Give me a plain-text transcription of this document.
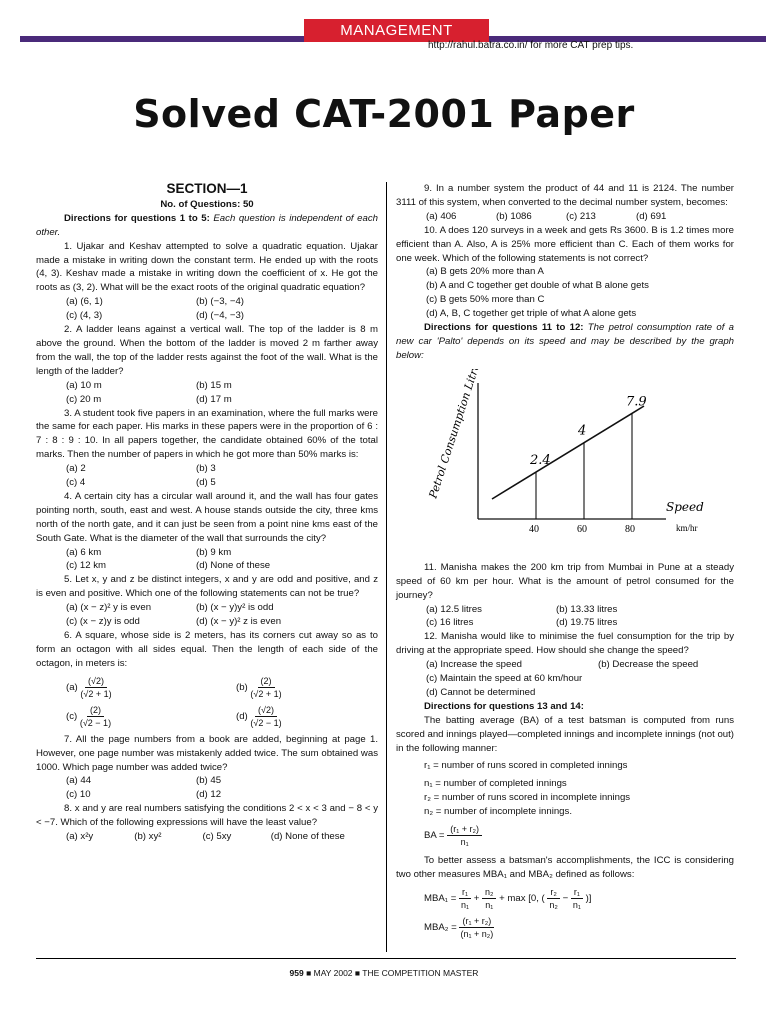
MANAGEMENT
http://rahul.batra.co.in/ for more CAT prep tips.
Solved CAT-2001 Paper
SECTION—1

No. of Questions: 50

Directions for questions 1 to 5: Each question is independent of each other.

1. Ujakar and Keshav attempted to solve a quadratic equation. Ujakar made a mistake in writing down the constant term. He ended up with the roots (4, 3). Keshav made a mistake in writing down the coefficient of x. He got the roots as (3, 2). What will be the exact roots of the original quadratic equation?

(a) (6, 1)	(b) (−3, −4)
(c) (4, 3)	(d) (−4, −3)

2. A ladder leans against a vertical wall. The top of the ladder is 8 m above the ground. When the bottom of the ladder is moved 2 m farther away from the wall, the top of the ladder rests against the foot of the wall. What is the length of the ladder?

(a) 10 m	(b) 15 m
(c) 20 m	(d) 17 m

3. A student took five papers in an examination, where the full marks were the same for each paper. His marks in these papers were in the proportion of 6 : 7 : 8 : 9 : 10. In all papers together, the candidate obtained 60% of the total marks. Then the number of papers in which he got more than 50% marks is:

(a) 2	(b) 3
(c) 4	(d) 5

4. A certain city has a circular wall around it, and the wall has four gates pointing north, south, east and west. A house stands outside the city, three kms north of the north gate, and it can just be seen from a point nine kms east of the South Gate. What is the diameter of the wall that surrounds the city?

(a) 6 km	(b) 9 km
(c) 12 km	(d) None of these

5. Let x, y and z be distinct integers, x and y are odd and positive, and z is even and positive. Which one of the following statements can not be true?

(a) (x − z)² y is even	(b) (x − y)y² is odd
(c) (x − z)y is odd	(d) (x − y)² z is even

6. A square, whose side is 2 meters, has its corners cut away so as to form an octagon with all sides equal. Then the length of each side of the octagon, in meters is:

$(a) \frac{(√2)}{(√2 + 1)}$	$(b) \frac{(2)}{(√2 + 1)}$
$(c) \frac{(2)}{(√2 - 1)}$	$(d) \frac{(√2)}{(√2 - 1)}$

7. All the page numbers from a book are added, beginning at page 1. However, one page number was mistakenly added twice. The sum obtained was 1000. Which page number was added twice?

(a) 44	(b) 45
(c) 10	(d) 12

8. x and y are real numbers satisfying the conditions 2 < x < 3 and − 8 < y < −7. Which of the following expressions will have the least value?

(a) x²y	(b) xy²	(c) 5xy	(d) None of these

9. In a number system the product of 44 and 11 is 2124. The number 3111 of this system, when converted to the decimal number system, becomes:

(a) 406	(b) 1086	(c) 213	(d) 691

10. A does 120 surveys in a week and gets Rs 3600. B is 1.2 times more efficient than A. Also, A is 25% more efficient than C. Each of them works for one week. Which of the following statements is not correct?

(a) B gets 20% more than A

(b) A and C together get double of what B alone gets

(c) B gets 50% more than C

(d) A, B, C together get triple of what A alone gets

Directions for questions 11 to 12: The petrol consumption rate of a new car 'Palto' depends on its speed and may be described by the graph below:

2.4
40
4
60
7.9
80
Petrol Consumption Litre/Hour
Speed
km/hr

11. Manisha makes the 200 km trip from Mumbai in Pune at a steady speed of 60 km per hour. What is the amount of petrol consumed for the journey?

(a) 12.5 litres	(b) 13.33 litres
(c) 16 litres	(d) 19.75 litres

12. Manisha would like to minimise the fuel consumption for the trip by driving at the appropriate speed. How should she change the speed?

(a) Increase the speed	(b) Decrease the speed

(c) Maintain the speed at 60 km/hour

(d) Cannot be determined

Directions for questions 13 and 14:

The batting average (BA) of a test batsman is computed from runs scored and innings played—completed innings and incomplete innings (not out) in the following manner:

r₁ = number of runs scored in completed innings

n₁ = number of completed innings

r₂ = number of runs scored in incomplete innings

n₂ = number of incomplete innings.

BA = $\frac{\text{(r₁ + r₂)}}{\text{n₁}}$

To better assess a batsman's accomplishments, the ICC is considering two other measures MBA₁ and MBA₂ defined as follows:

$MBA_1 = \frac{\text{r₁}}{\text{n₁}} + \frac{\text{n₂}}{\text{n₁}} + \max [0$, ( $\frac{\text{r₂}}{\text{n₂}} - \frac{\text{r₁}}{\text{n₁}}$ )]
$MBA_2 = \frac{\text{(r₁ + r₂)}}{\text{(n₁ + n₂)}}$
959 ■ MAY 2002 ■ THE COMPETITION MASTER
